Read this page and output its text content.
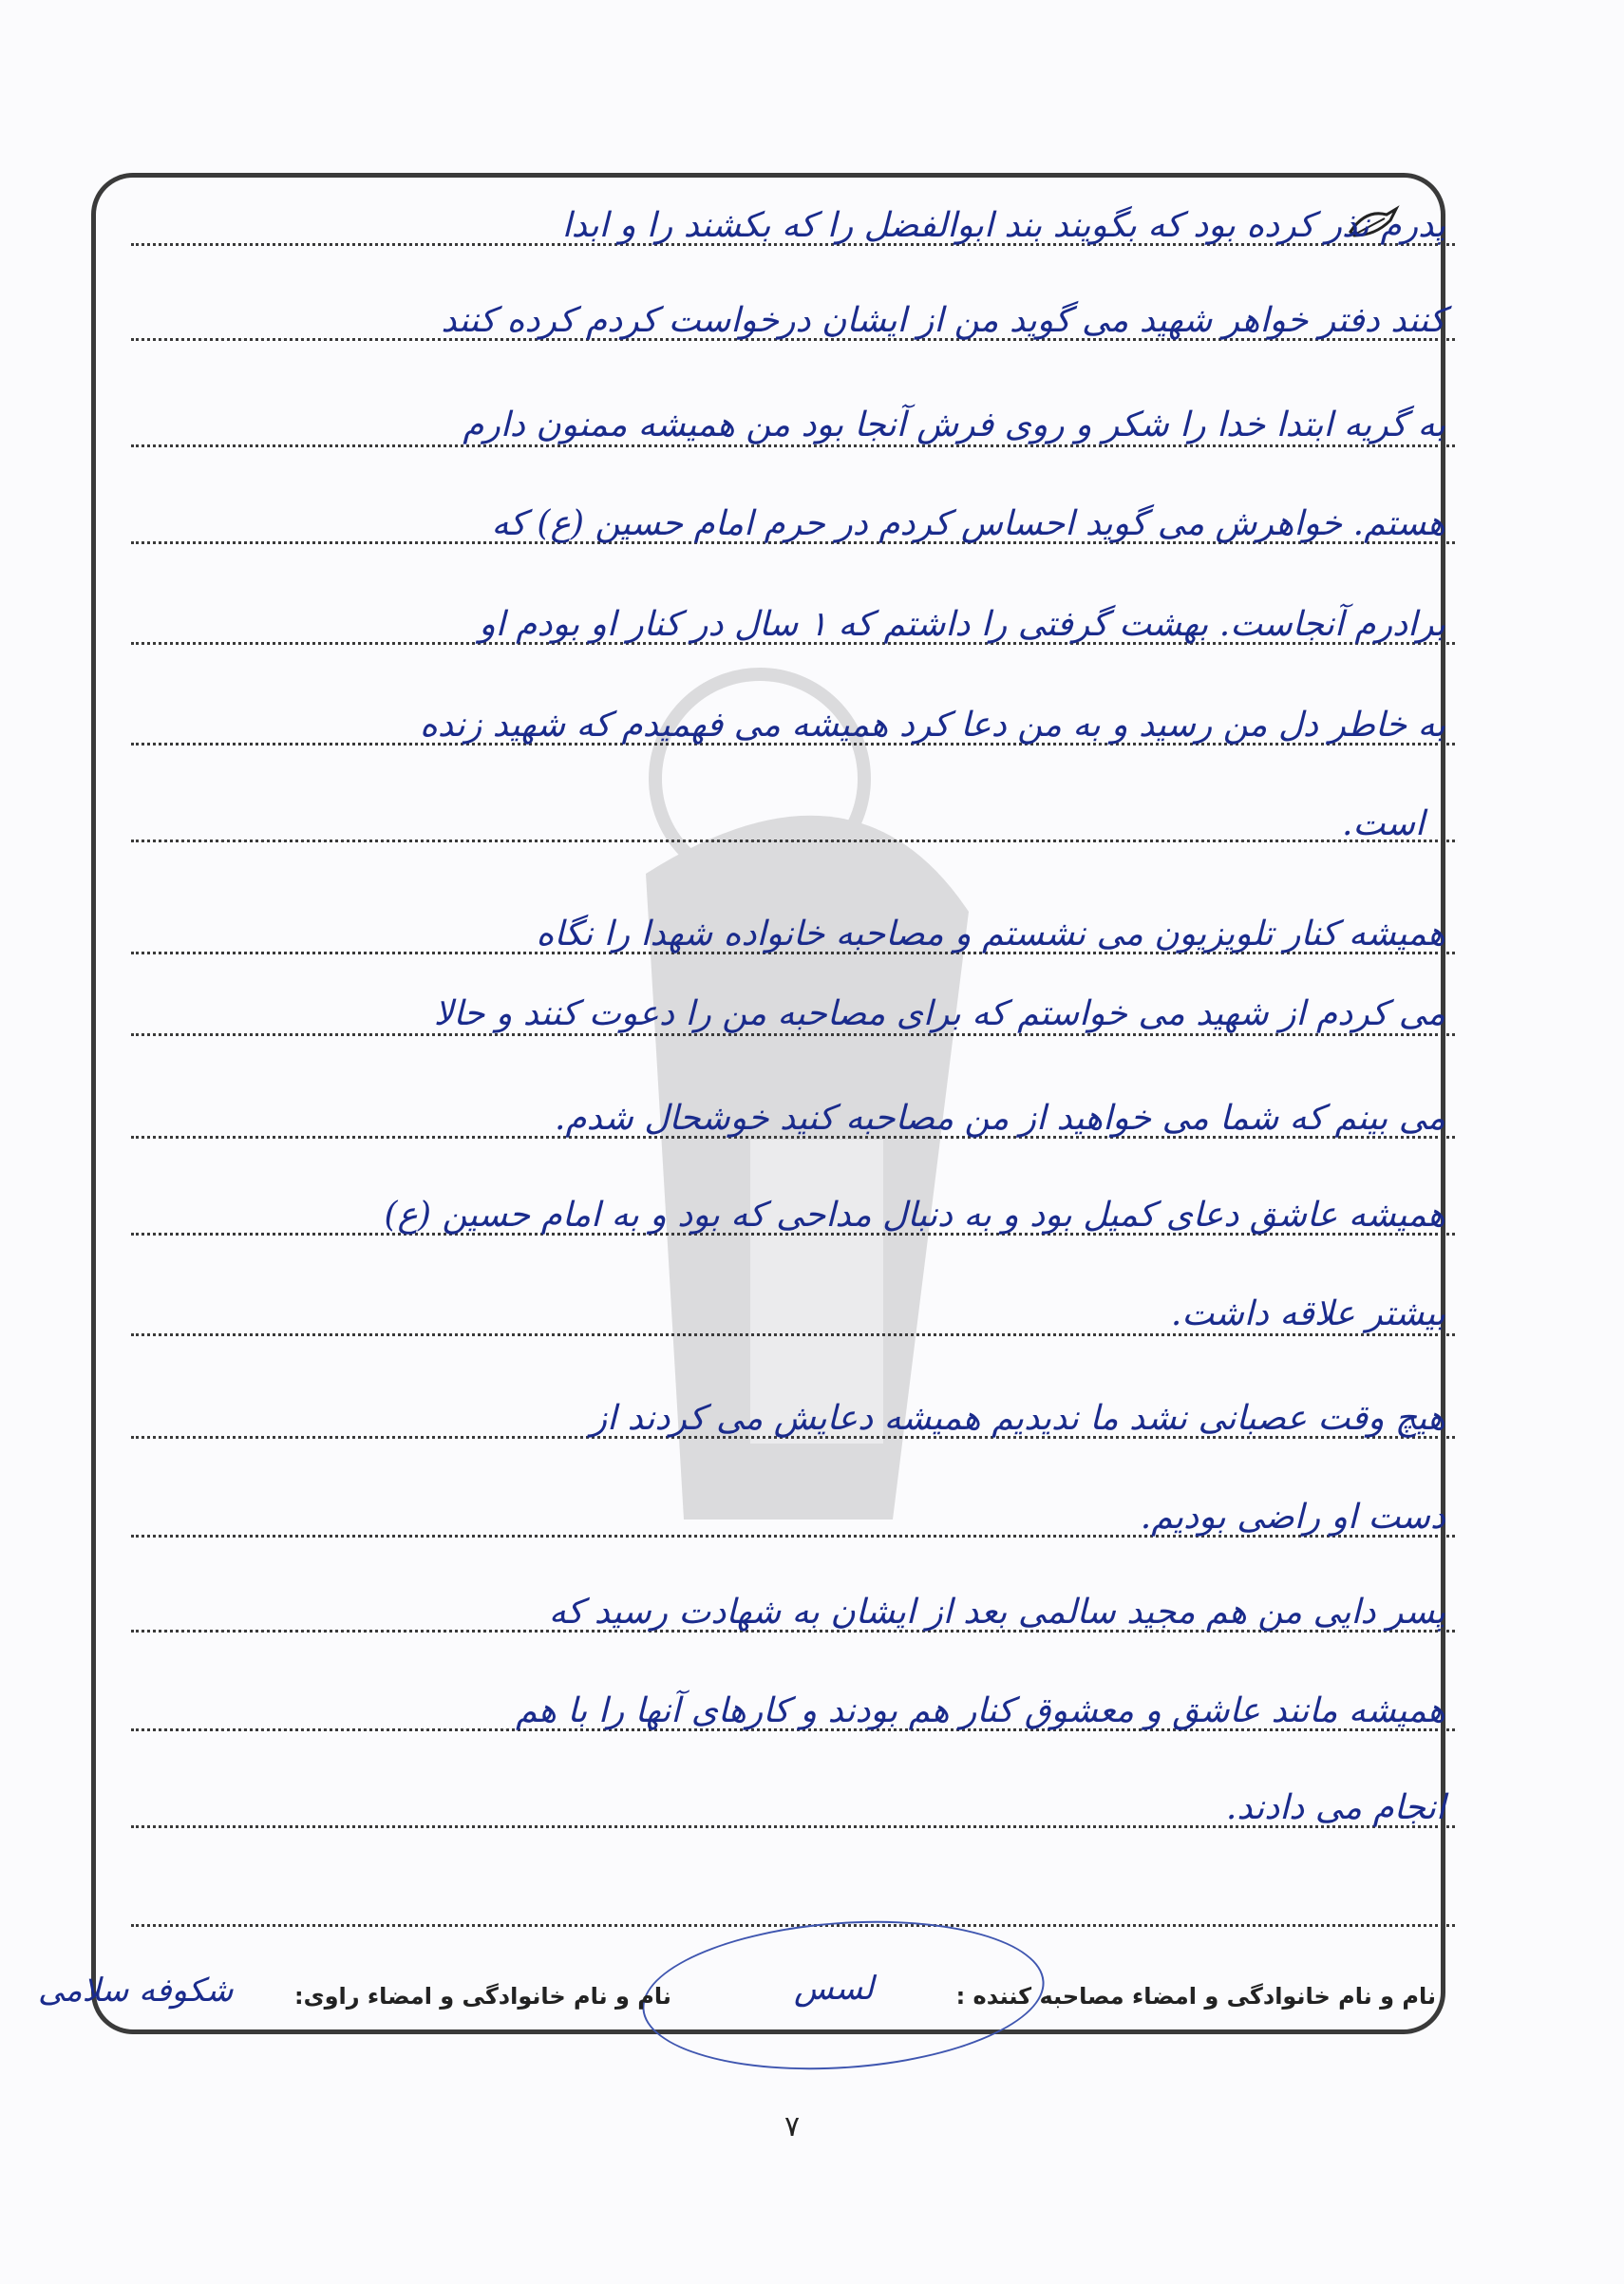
پدرم نذر کرده بود که بگویند بند ابوالفضل را که بکشند را و ابدا
کنند دفتر خواهر شهید می گوید من از ایشان درخواست کردم کرده کنند
به گریه ابتدا خدا را شکر و روی فرش آنجا بود من همیشه ممنون دارم
هستم. خواهرش می گوید احساس کردم در حرم امام حسین (ع) که
برادرم آنجاست. بهشت گرفتی را داشتم که ۱ سال در کنار او بودم او
به خاطر دل من رسید و به من دعا کرد همیشه می فهمیدم که شهید زنده
است.
همیشه کنار تلویزیون می نشستم و مصاحبه خانواده شهدا را نگاه
می کردم از شهید می خواستم که برای مصاحبه من را دعوت کنند و حالا
می بینم که شما می خواهید از من مصاحبه کنید خوشحال شدم.
همیشه عاشق دعای کمیل بود و به دنبال مداحی که بود و به امام حسین (ع)
بیشتر علاقه داشت.
هیچ وقت عصبانی نشد ما ندیدیم همیشه دعایش می کردند از
دست او راضی بودیم.
پسر دایی من هم مجید سالمی بعد از ایشان به شهادت رسید که
همیشه مانند عاشق و معشوق کنار هم بودند و کارهای آنها را با هم
انجام می دادند.
نام و نام خانوادگی و امضاء مصاحبه کننده :
لسس
نام و نام خانوادگی و امضاء راوی:
شکوفه سلامی
۷
